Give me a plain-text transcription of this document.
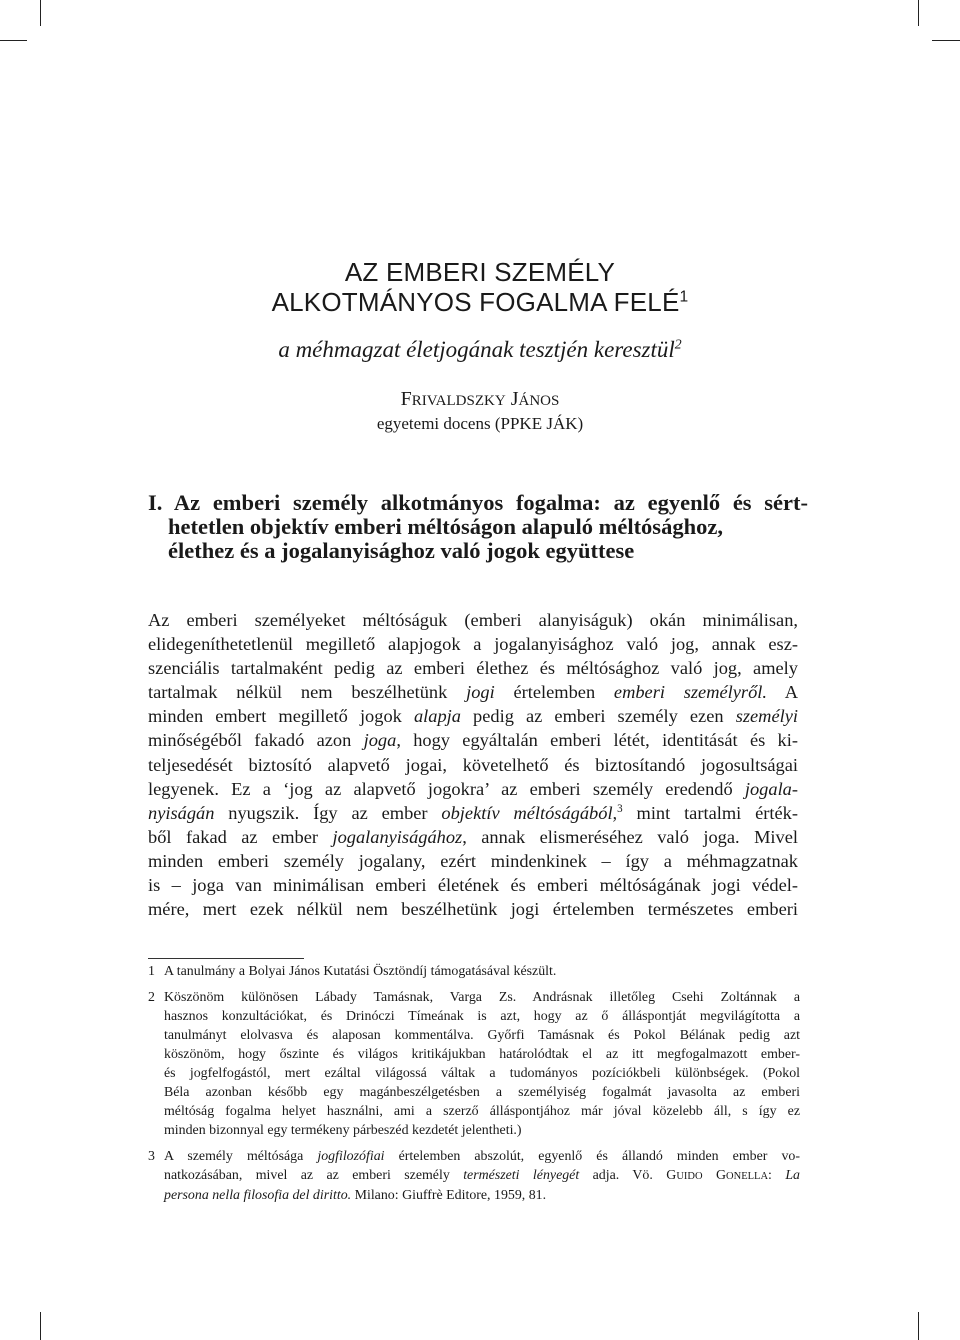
AZ EMBERI SZEMÉLY
ALKOTMÁNYOS FOGALMA FELÉ$^1$
a méhmagzat életjogának tesztjén keresztül$^2$
FRIVALDSZKY JÁNOS
egyetemi docens (PPKE JÁK)
I. Az emberi személy alkotmányos fogalma: az egyenlő és sért-
hetetlen objektív emberi méltóságon alapuló méltósághoz,
élethez és a jogalanyisághoz való jogok együttese
Az emberi személyeket méltóságuk (emberi alanyiságuk) okán minimálisan,
elidegeníthetetlenül megillető alapjogok a jogalanyisághoz való jog, annak esz-
szenciális tartalmaként pedig az emberi élethez és méltósághoz való jog, amely
tartalmak nélkül nem beszélhetünk jogi értelemben emberi személyről. A
minden embert megillető jogok alapja pedig az emberi személy ezen személyi
minőségéből fakadó azon joga, hogy egyáltalán emberi létét, identitását és ki-
teljesedését biztosító alapvető jogai, követelhető és biztosítandó jogosultságai
legyenek. Ez a ‘jog az alapvető jogokra’ az emberi személy eredendő jogala-
nyiságán nyugszik. Így az ember objektív méltóságából,$^3$ mint tartalmi érték-
ből fakad az ember jogalanyiságához, annak elismeréséhez való joga. Mivel
minden emberi személy jogalany, ezért mindenkinek – így a méhmagzatnak
is – joga van minimálisan emberi életének és emberi méltóságának jogi védel-
mére, mert ezek nélkül nem beszélhetünk jogi értelemben természetes emberi
1 A tanulmány a Bolyai János Kutatási Ösztöndíj támogatásával készült.
2 Köszönöm különösen Lábady Tamásnak, Varga Zs. Andrásnak illetőleg Csehi Zoltánnak a
hasznos konzultációkat, és Drinóczi Tímeának is azt, hogy az ő álláspontját megvilágította a
tanulmányt elolvasva és alaposan kommentálva. Győrfi Tamásnak és Pokol Bélának pedig azt
köszönöm, hogy őszinte és világos kritikájukban határolódtak el az itt megfogalmazott ember-
és jogfelfogástól, mert ezáltal világossá váltak a tudományos pozíciókbeli különbségek. (Pokol
Béla azonban később egy magánbeszélgetésben a személyiség fogalmát javasolta az emberi
méltóság fogalma helyet használni, ami a szerző álláspontjához már jóval közelebb áll, s így ez
minden bizonnyal egy termékeny párbeszéd kezdetét jelentheti.)
3 A személy méltósága jogfilozófiai értelemben abszolút, egyenlő és állandó minden ember vo-
natkozásában, mivel az az emberi személy természeti lényegét adja. Vö. GUIDO GONELLA: La
persona nella filosofia del diritto. Milano: Giuffrè Editore, 1959, 81.
